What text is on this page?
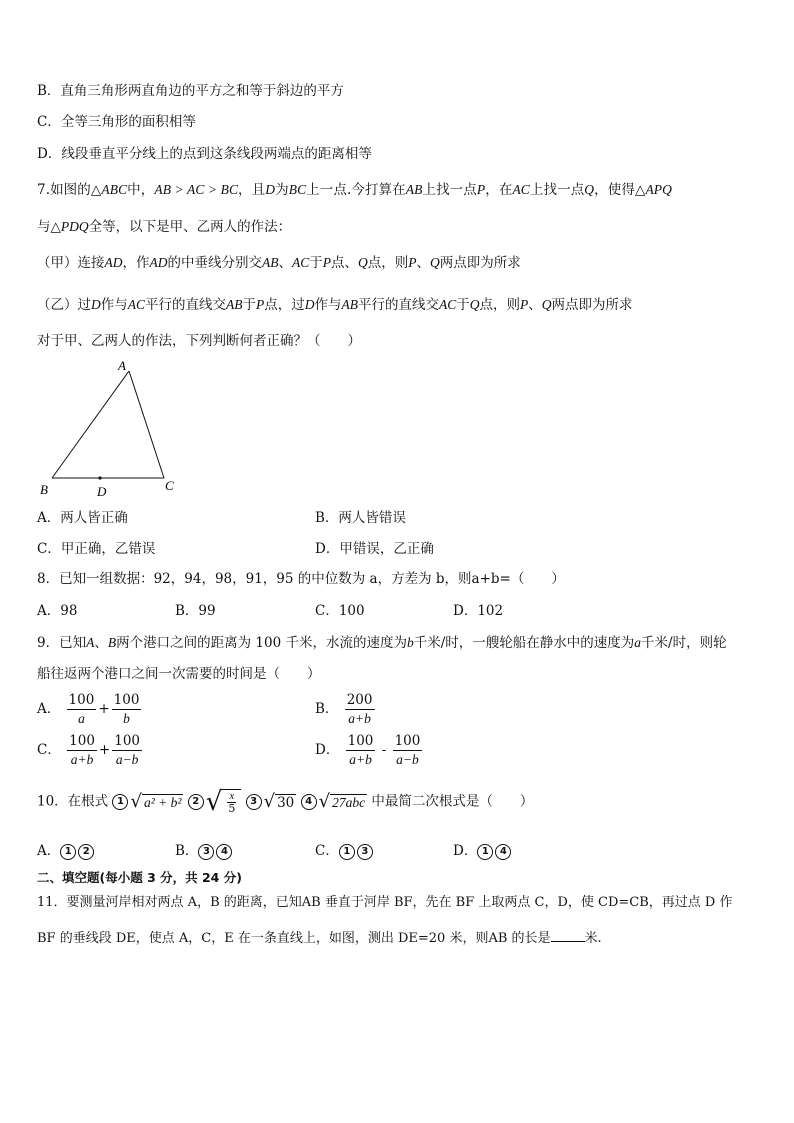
B．直角三角形两直角边的平方之和等于斜边的平方
C．全等三角形的面积相等
D．线段垂直平分线上的点到这条线段两端点的距离相等
7.如图的△ABC中，AB > AC > BC，且D为BC上一点.今打算在AB上找一点P，在AC上找一点Q，使得△APQ
与△PDQ全等，以下是甲、乙两人的作法：
（甲）连接AD，作AD的中垂线分别交AB、AC于P点、Q点，则P、Q两点即为所求
（乙）过D作与AC平行的直线交AB于P点，过D作与AB平行的直线交AC于Q点，则P、Q两点即为所求
对于甲、乙两人的作法，下列判断何者正确？（　　）
A
B	C
D
A．两人皆正确	B．两人皆错误
C．甲正确，乙错误	D．甲错误，乙正确
8．已知一组数据：92，94，98，91，95 的中位数为 a，方差为 b，则a+b=（　　）
A．98	B．99	C．100	D．102
9．已知A、B两个港口之间的距离为 100 千米，水流的速度为b千米/时，一艘轮船在静水中的速度为a千米/时，则轮
船往返两个港口之间一次需要的时间是（　　）
A． $\frac{100}{a} + \frac{100}{b}$	B． $\frac{200}{a+b}$
C． $\frac{100}{a+b} + \frac{100}{a-b}$	D． $\frac{100}{a+b} - \frac{100}{a-b}$
10．在根式 1 √ a² + b² 2 √ $\frac{x}{5} 3$ √ 30 4 √ 27abc 中最简二次根式是（　　）
A． 1 2	B． 3 4	C． 1 3	D． 1 4
二、填空题(每小题 3 分，共 24 分)
11．要测量河岸相对两点 A，B 的距离，已知AB 垂直于河岸 BF，先在 BF 上取两点 C，D，使 CD=CB，再过点 D 作
BF 的垂线段 DE，使点 A，C，E 在一条直线上，如图，测出 DE=20 米，则AB 的长是	米.
